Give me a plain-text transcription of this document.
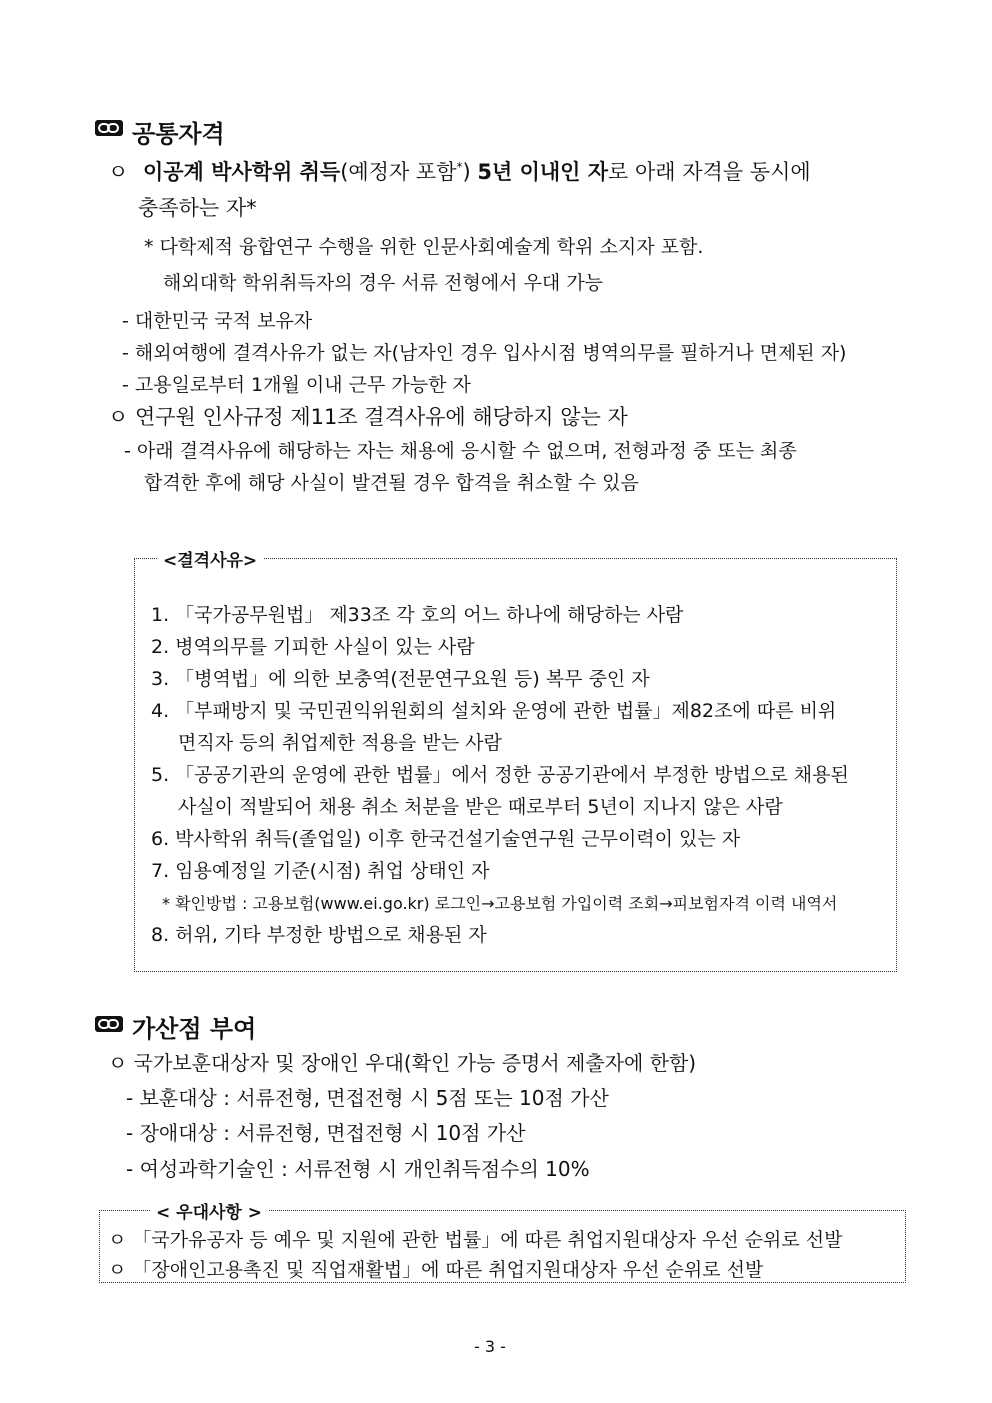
공통자격
ㅇ 이공계 박사학위 취득(예정자 포함*) 5년 이내인 자로 아래 자격을 동시에
충족하는 자*
* 다학제적 융합연구 수행을 위한 인문사회예술계 학위 소지자 포함.
해외대학 학위취득자의 경우 서류 전형에서 우대 가능
- 대한민국 국적 보유자
- 해외여행에 결격사유가 없는 자(남자인 경우 입사시점 병역의무를 필하거나 면제된 자)
- 고용일로부터 1개월 이내 근무 가능한 자
ㅇ 연구원 인사규정 제11조 결격사유에 해당하지 않는 자
- 아래 결격사유에 해당하는 자는 채용에 응시할 수 없으며, 전형과정 중 또는 최종
합격한 후에 해당 사실이 발견될 경우 합격을 취소할 수 있음
<결격사유>
1. 「국가공무원법」 제33조 각 호의 어느 하나에 해당하는 사람
2. 병역의무를 기피한 사실이 있는 사람
3. 「병역법」에 의한 보충역(전문연구요원 등) 복무 중인 자
4. 「부패방지 및 국민권익위원회의 설치와 운영에 관한 법률」제82조에 따른 비위
면직자 등의 취업제한 적용을 받는 사람
5. 「공공기관의 운영에 관한 법률」에서 정한 공공기관에서 부정한 방법으로 채용된
사실이 적발되어 채용 취소 처분을 받은 때로부터 5년이 지나지 않은 사람
6. 박사학위 취득(졸업일) 이후 한국건설기술연구원 근무이력이 있는 자
7. 임용예정일 기준(시점) 취업 상태인 자
* 확인방법 : 고용보험(www.ei.go.kr) 로그인→고용보험 가입이력 조회→피보험자격 이력 내역서
8. 허위, 기타 부정한 방법으로 채용된 자
가산점 부여
ㅇ 국가보훈대상자 및 장애인 우대(확인 가능 증명서 제출자에 한함)
- 보훈대상 : 서류전형, 면접전형 시 5점 또는 10점 가산
- 장애대상 : 서류전형, 면접전형 시 10점 가산
- 여성과학기술인 : 서류전형 시 개인취득점수의 10%
< 우대사항 >
ㅇ 「국가유공자 등 예우 및 지원에 관한 법률」에 따른 취업지원대상자 우선 순위로 선발
ㅇ 「장애인고용촉진 및 직업재활법」에 따른 취업지원대상자 우선 순위로 선발
- 3 -
